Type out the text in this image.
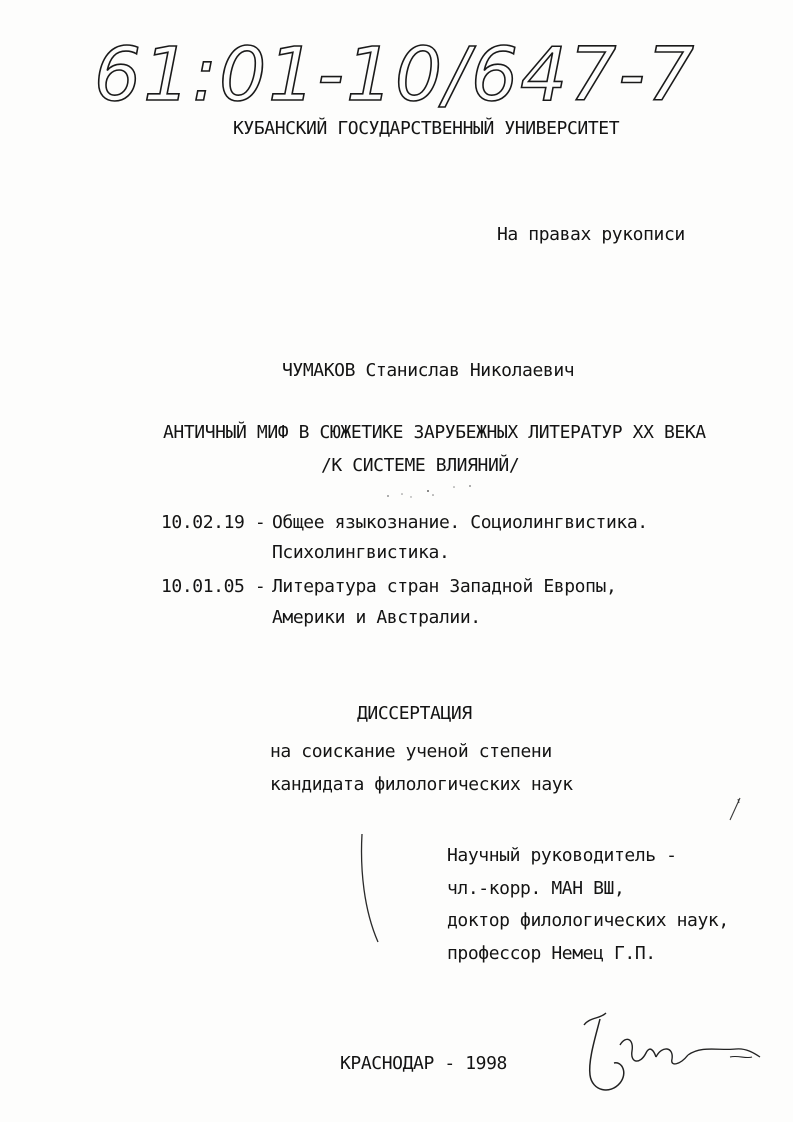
61:01-10/647-7
КУБАНСКИЙ ГОСУДАРСТВЕННЫЙ УНИВЕРСИТЕТ
На правах рукописи
ЧУМАКОВ Станислав Николаевич
АНТИЧНЫЙ МИФ В СЮЖЕТИКЕ ЗАРУБЕЖНЫХ ЛИТЕРАТУР XX ВЕКА
/К СИСТЕМЕ ВЛИЯНИЙ/
10.02.19 - Общее языкознание. Социолингвистика.
Психолингвистика.
10.01.05 - Литература стран Западной Европы,
Америки и Австралии.
ДИССЕРТАЦИЯ
на соискание ученой степени
кандидата филологических наук
Научный руководитель -
чл.-корр. МАН ВШ,
доктор филологических наук,
профессор Немец Г.П.
КРАСНОДАР - 1998
